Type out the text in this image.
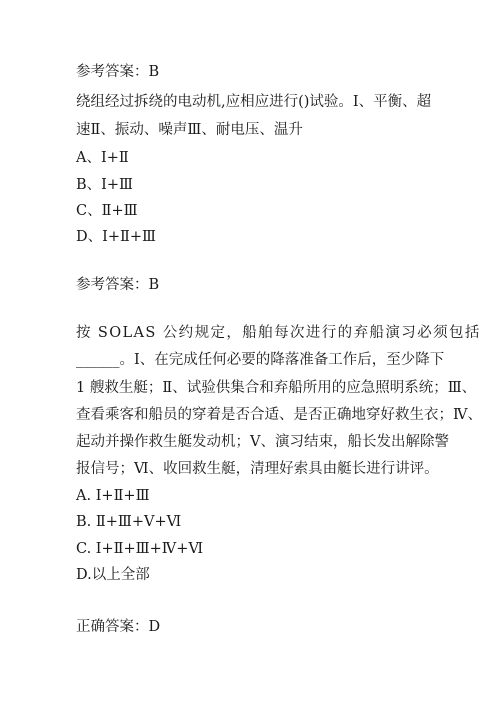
参考答案：B
绕组经过拆绕的电动机,应相应进行()试验。Ⅰ、平衡、超
速Ⅱ、振动、噪声Ⅲ、耐电压、温升
A、Ⅰ+Ⅱ
B、Ⅰ+Ⅲ
C、Ⅱ+Ⅲ
D、Ⅰ+Ⅱ+Ⅲ
参考答案：B
按 SOLAS 公约规定，船舶每次进行的弃船演习必须包括
______。Ⅰ、在完成任何必要的降落准备工作后，至少降下
1 艘救生艇；Ⅱ、试验供集合和弃船所用的应急照明系统；Ⅲ、
查看乘客和船员的穿着是否合适、是否正确地穿好救生衣；Ⅳ、
起动并操作救生艇发动机；Ⅴ、演习结束，船长发出解除警
报信号；Ⅵ、收回救生艇，清理好索具由艇长进行讲评。
A. Ⅰ+Ⅱ+Ⅲ
B. Ⅱ+Ⅲ+Ⅴ+Ⅵ
C. Ⅰ+Ⅱ+Ⅲ+Ⅳ+Ⅵ
D.以上全部
正确答案：D
